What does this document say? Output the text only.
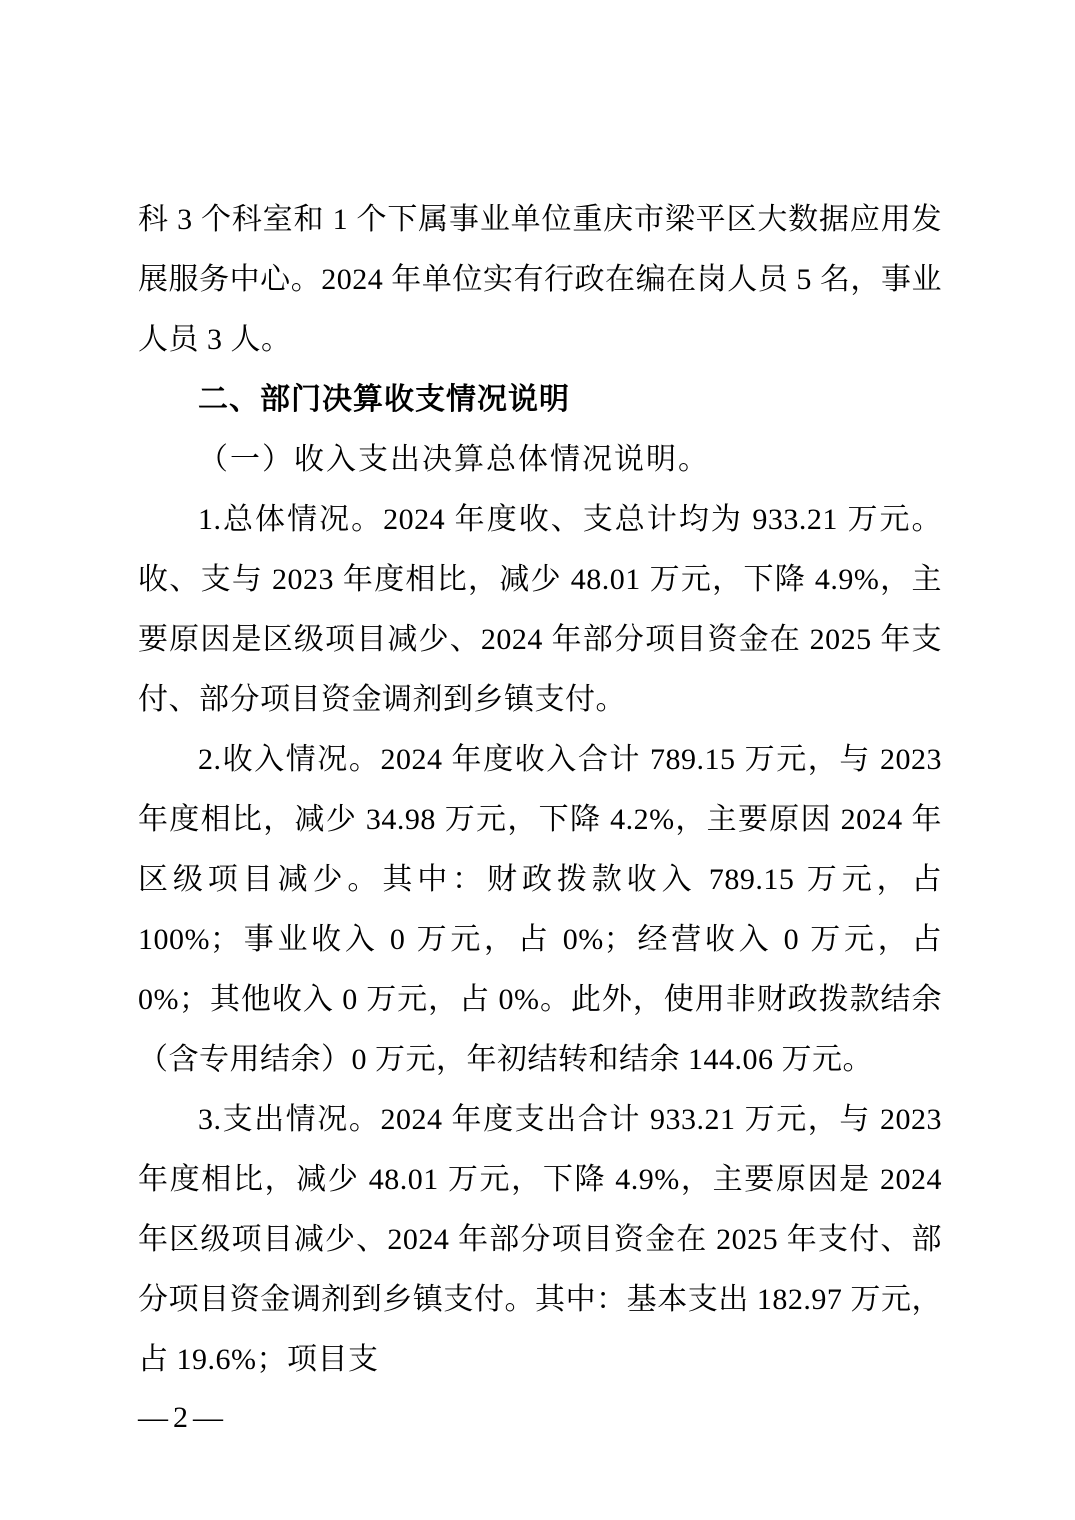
科 3 个科室和 1 个下属事业单位重庆市梁平区大数据应用发展服务中心。2024 年单位实有行政在编在岗人员 5 名，事业人员 3 人。

二、部门决算收支情况说明

（一）收入支出决算总体情况说明。

1.总体情况。2024 年度收、支总计均为 933.21 万元。收、支与 2023 年度相比，减少 48.01 万元，下降 4.9%，主要原因是区级项目减少、2024 年部分项目资金在 2025 年支付、部分项目资金调剂到乡镇支付。

2.收入情况。2024 年度收入合计 789.15 万元，与 2023 年度相比，减少 34.98 万元，下降 4.2%，主要原因 2024 年区级项目减少。其中：财政拨款收入 789.15 万元，占 100%；事业收入 0 万元，占 0%；经营收入 0 万元，占 0%；其他收入 0 万元，占 0%。此外，使用非财政拨款结余（含专用结余）0 万元，年初结转和结余 144.06 万元。

3.支出情况。2024 年度支出合计 933.21 万元，与 2023 年度相比，减少 48.01 万元，下降 4.9%，主要原因是 2024 年区级项目减少、2024 年部分项目资金在 2025 年支付、部分项目资金调剂到乡镇支付。其中：基本支出 182.97 万元，占 19.6%；项目支

—2—
